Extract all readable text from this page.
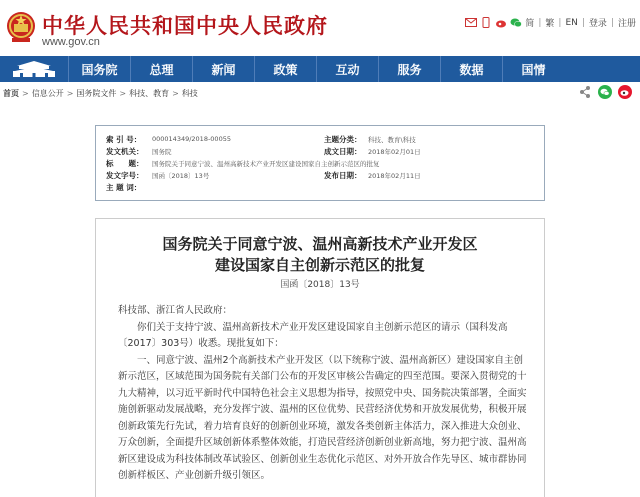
中华人民共和国中央人民政府
www.gov.cn
简 | 繁 | EN | 登录 | 注册
国务院	总理	新闻	政策	互动	服务	数据	国情
首页 > 信息公开 > 国务院文件 > 科技、教育 > 科技
索 引 号： 000014349/2018-00055	主题分类： 科技、教育\科技
发文机关： 国务院	成文日期： 2018年02月01日
标　　题： 国务院关于同意宁波、温州高新技术产业开发区建设国家自主创新示范区的批复
发文字号： 国函〔2018〕13号	发布日期： 2018年02月11日
主 题 词：
国务院关于同意宁波、温州高新技术产业开发区
建设国家自主创新示范区的批复
国函〔2018〕13号

科技部、浙江省人民政府：

你们关于支持宁波、温州高新技术产业开发区建设国家自主创新示范区的请示（国科发高〔2017〕303号）收悉。现批复如下：

一、同意宁波、温州2个高新技术产业开发区（以下统称宁波、温州高新区）建设国家自主创新示范区，区域范围为国务院有关部门公布的开发区审核公告确定的四至范围。要深入贯彻党的十九大精神，以习近平新时代中国特色社会主义思想为指导，按照党中央、国务院决策部署，全面实施创新驱动发展战略，充分发挥宁波、温州的区位优势、民营经济优势和开放发展优势，积极开展创新政策先行先试，着力培育良好的创新创业环境，激发各类创新主体活力，深入推进大众创业、万众创新，全面提升区域创新体系整体效能，打造民营经济创新创业新高地，努力把宁波、温州高新区建设成为科技体制改革试验区、创新创业生态优化示范区、对外开放合作先导区、城市群协同创新样板区、产业创新升级引领区。
